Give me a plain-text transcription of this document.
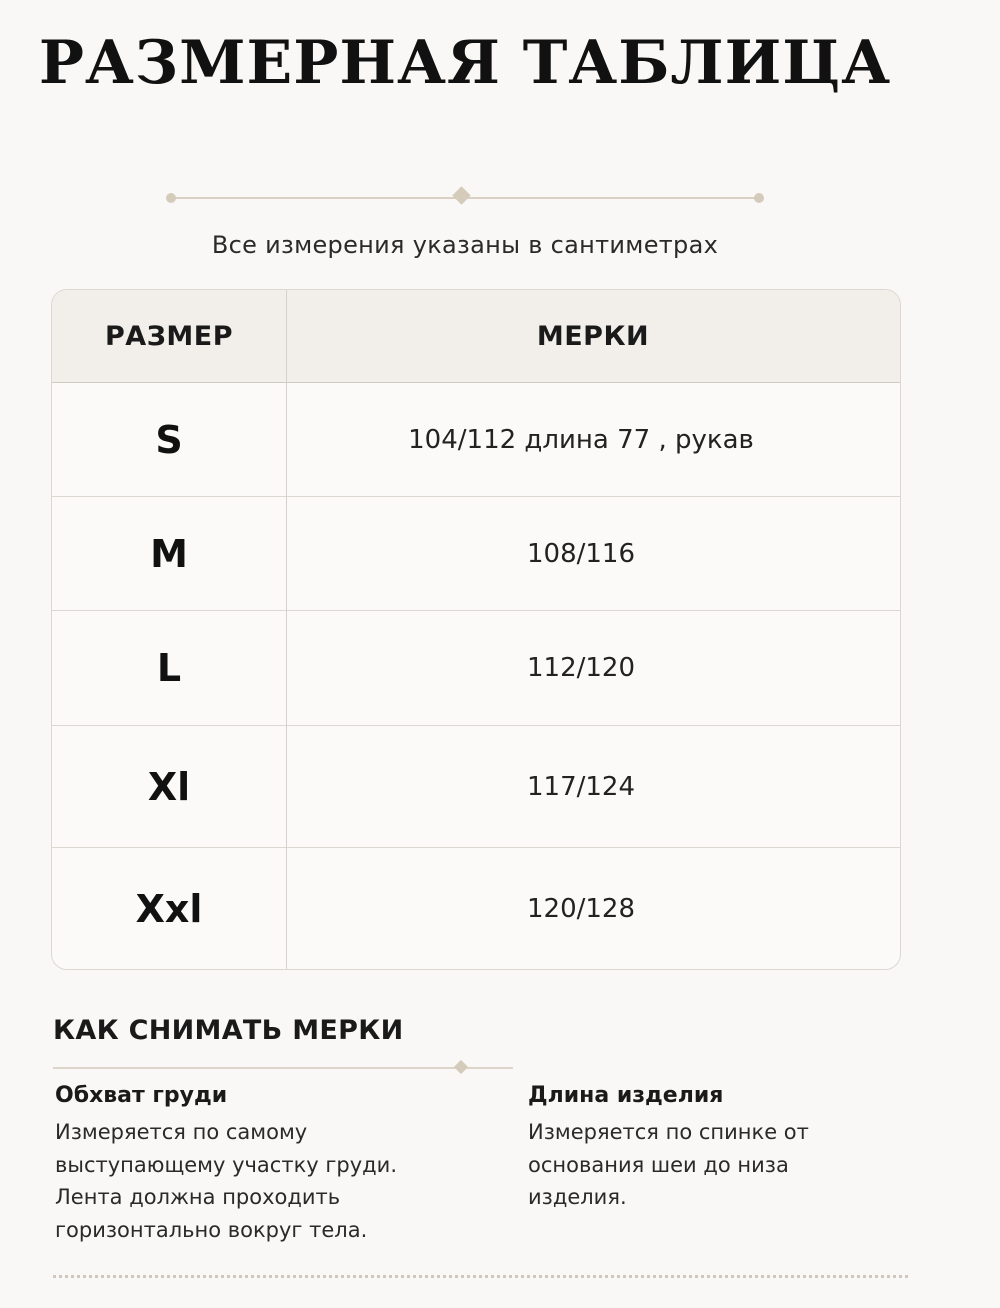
РАЗМЕРНАЯ ТАБЛИЦА
Все измерения указаны в сантиметрах
РАЗМЕР	МЕРКИ
S	104/112 длина 77 , рукав
M	108/116
L	112/120
Xl	117/124
Xxl	120/128
КАК СНИМАТЬ МЕРКИ
Обхват груди

Измеряется по самому

выступающему участку груди.

Лента должна проходить

горизонтально вокруг тела.

Длина изделия

Измеряется по спинке от

основания шеи до низа

изделия.
